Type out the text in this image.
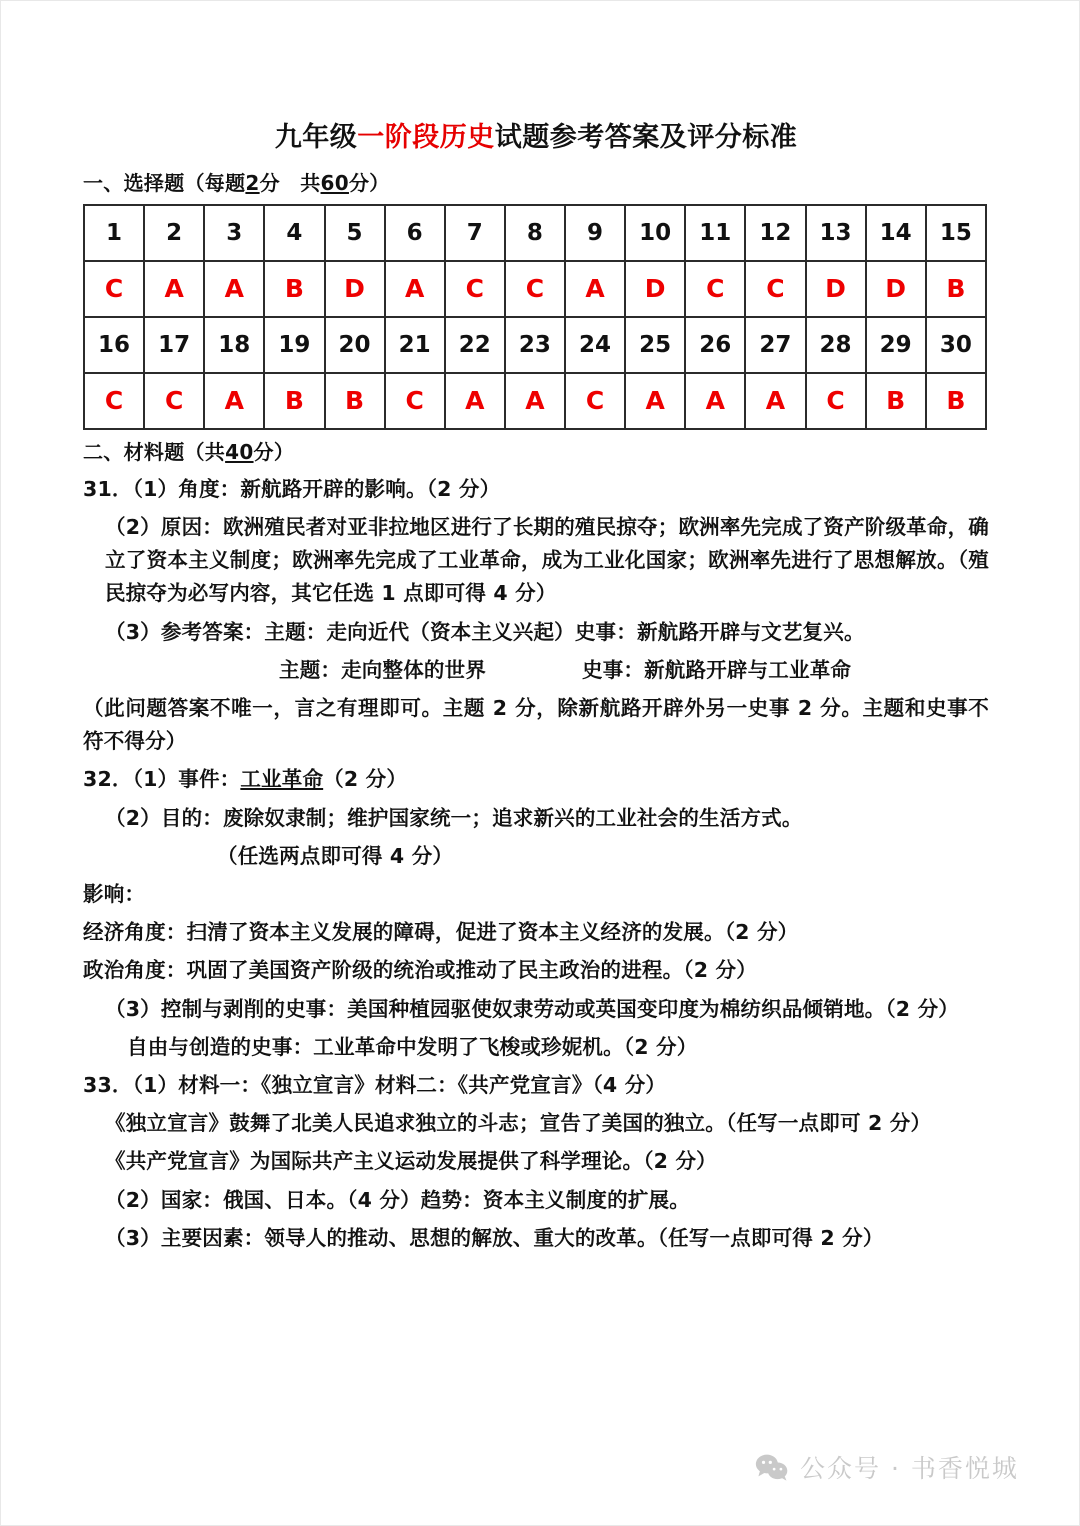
九年级一阶段历史试题参考答案及评分标准
一、选择题（每题2分　共60分）
1	2	3	4	5	6	7	8	9	10	11	12	13	14	15
C	A	A	B	D	A	C	C	A	D	C	C	D	D	B
16	17	18	19	20	21	22	23	24	25	26	27	28	29	30
C	C	A	B	B	C	A	A	C	A	A	A	C	B	B
二、材料题（共40分）

31．（1）角度：新航路开辟的影响。（2 分）

（2）原因：欧洲殖民者对亚非拉地区进行了长期的殖民掠夺；欧洲率先完成了资产阶级革命，确立了资本主义制度；欧洲率先完成了工业革命，成为工业化国家；欧洲率先进行了思想解放。（殖民掠夺为必写内容，其它任选 1 点即可得 4 分）

（3）参考答案：主题：走向近代（资本主义兴起）史事：新航路开辟与文艺复兴。

主题：走向整体的世界	史事：新航路开辟与工业革命

（此问题答案不唯一，言之有理即可。主题 2 分，除新航路开辟外另一史事 2 分。主题和史事不符不得分）

32．（1）事件：工业革命（2 分）

（2）目的：废除奴隶制；维护国家统一；追求新兴的工业社会的生活方式。

（任选两点即可得 4 分）

影响：

经济角度：扫清了资本主义发展的障碍，促进了资本主义经济的发展。（2 分）

政治角度：巩固了美国资产阶级的统治或推动了民主政治的进程。（2 分）

（3）控制与剥削的史事：美国种植园驱使奴隶劳动或英国变印度为棉纺织品倾销地。（2 分）

自由与创造的史事：工业革命中发明了飞梭或珍妮机。（2 分）

33．（1）材料一：《独立宣言》材料二：《共产党宣言》（4 分）

《独立宣言》鼓舞了北美人民追求独立的斗志；宣告了美国的独立。（任写一点即可 2 分）

《共产党宣言》为国际共产主义运动发展提供了科学理论。（2 分）

（2）国家：俄国、日本。（4 分）趋势：资本主义制度的扩展。

（3）主要因素：领导人的推动、思想的解放、重大的改革。（任写一点即可得 2 分）

公众号 · 书香悦城
